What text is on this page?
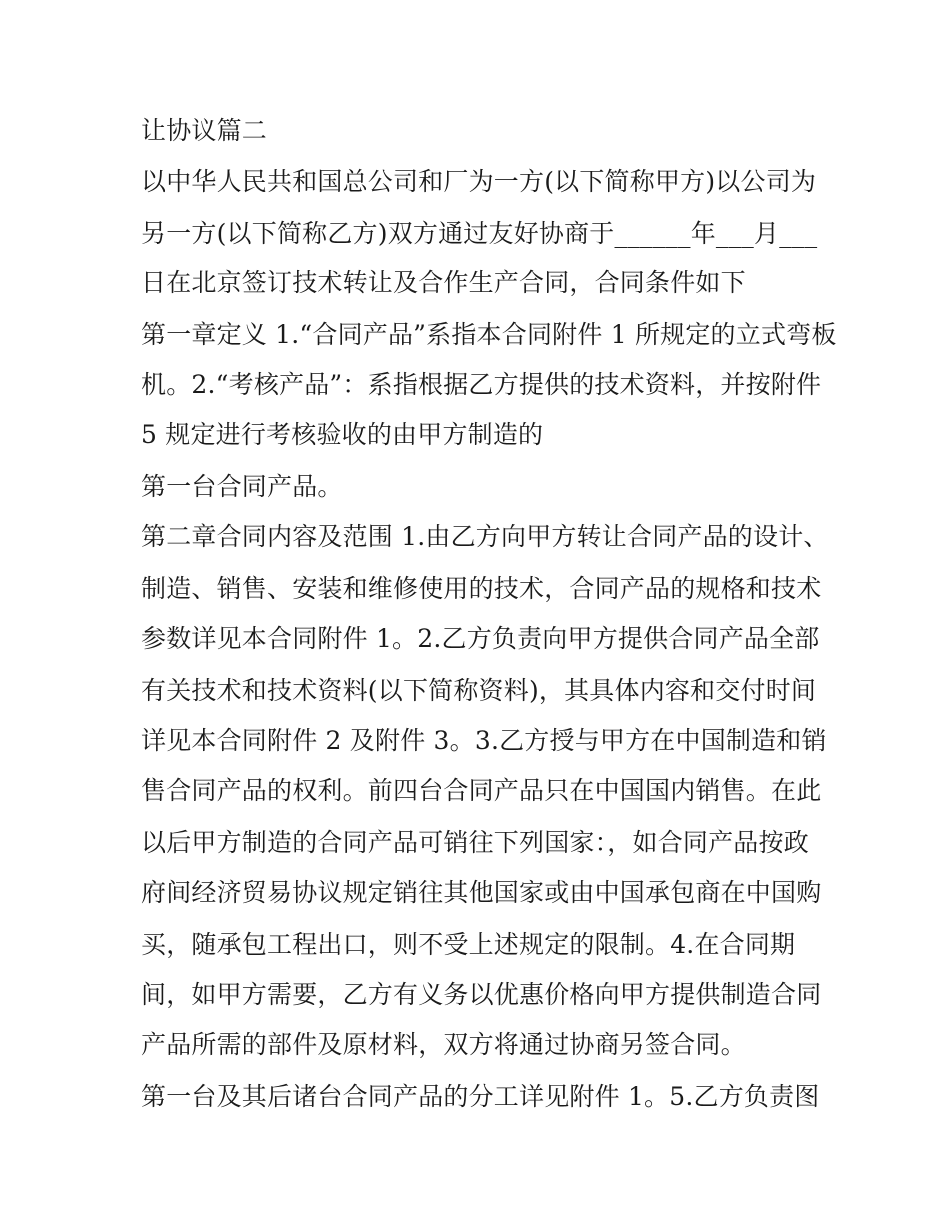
让协议篇二
以中华人民共和国总公司和厂为一方(以下简称甲方)以公司为
另一方(以下简称乙方)双方通过友好协商于______年___月___
日在北京签订技术转让及合作生产合同，合同条件如下
第一章定义 1.“合同产品”系指本合同附件 1 所规定的立式弯板
机。2.“考核产品”：系指根据乙方提供的技术资料，并按附件
5 规定进行考核验收的由甲方制造的
第一台合同产品。
第二章合同内容及范围 1.由乙方向甲方转让合同产品的设计、
制造、销售、安装和维修使用的技术，合同产品的规格和技术
参数详见本合同附件 1。2.乙方负责向甲方提供合同产品全部
有关技术和技术资料(以下简称资料)，其具体内容和交付时间
详见本合同附件 2 及附件 3。3.乙方授与甲方在中国制造和销
售合同产品的权利。前四台合同产品只在中国国内销售。在此
以后甲方制造的合同产品可销往下列国家：，如合同产品按政
府间经济贸易协议规定销往其他国家或由中国承包商在中国购
买，随承包工程出口，则不受上述规定的限制。4.在合同期
间，如甲方需要，乙方有义务以优惠价格向甲方提供制造合同
产品所需的部件及原材料，双方将通过协商另签合同。
第一台及其后诸台合同产品的分工详见附件 1。5.乙方负责图
